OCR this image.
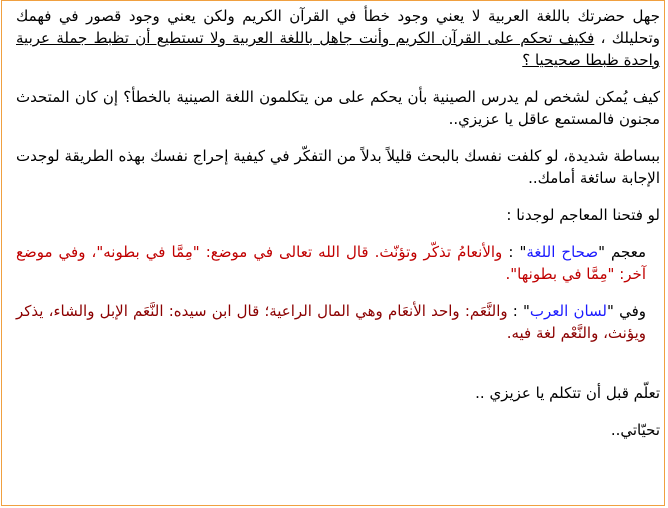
جهل حضرتك باللغة العربية لا يعني وجود خطأ في القرآن الكريم ولكن يعني وجود قصور في فهمك وتحليلك ، فكيف تحكم على القرآن الكريم وأنت جاهل باللغة العربية ولا تستطيع أن تظبط جملة عربية واحدة ظبطا صحيحيا ؟

كيف يُمكن لشخص لم يدرس الصينية بأن يحكم على من يتكلمون اللغة الصينية بالخطأ؟ إن كان المتحدث مجنون فالمستمع عاقل يا عزيزي..

ببساطة شديدة، لو كلفت نفسك بالبحث قليلاً بدلاً من التفكّر في كيفية إحراج نفسك بهذه الطريقة لوجدت الإجابة سائغة أمامك..

لو فتحنا المعاجم لوجدنا :

معجم "صحاح اللغة" : والأنعامُ تذكّر وتؤنّث. قال الله تعالى في موضع: "مِمَّا في بطونه"، وفي موضع آخر: "مِمَّا في بطونها".

وفي "لسان العرب" : والنَّعَم: واحد الأنعَام وهي المال الراعية؛ قال ابن سيده: النَّعَم الإبل والشاء، يذكر ويؤنث، والنَّعْم لغة فيه.

تعلّم قبل أن تتكلم يا عزيزي ..

تحيّاتي..
